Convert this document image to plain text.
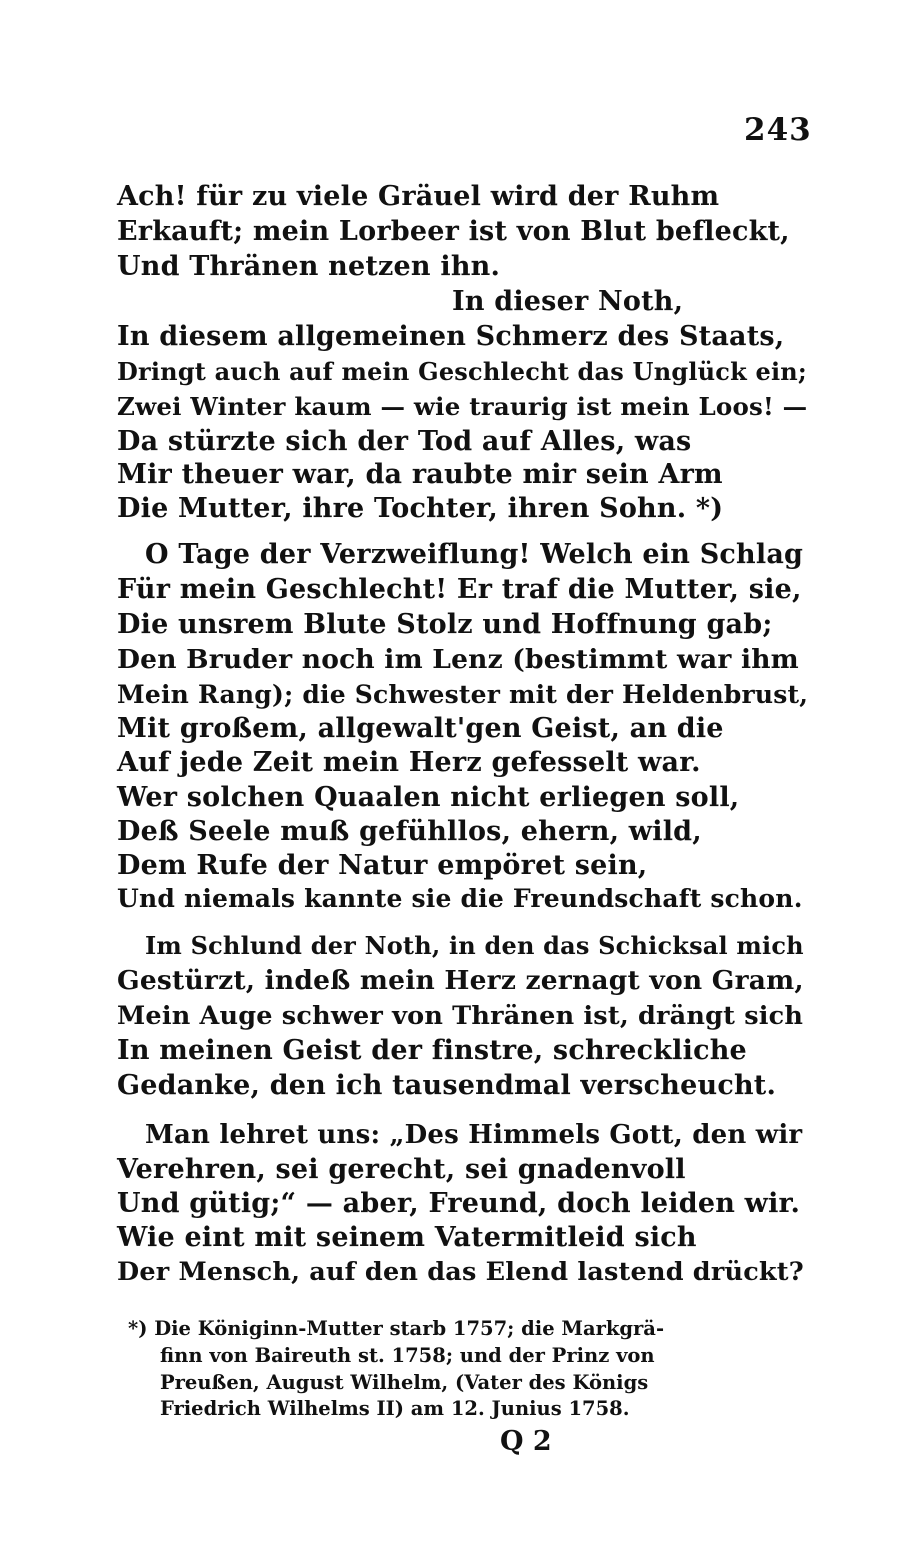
243
Ach! für zu viele Gräuel wird der Ruhm
Erkauft; mein Lorbeer ist von Blut befleckt,
Und Thränen netzen ihn.
In dieser Noth,
In diesem allgemeinen Schmerz des Staats,
Dringt auch auf mein Geschlecht das Unglück ein;
Zwei Winter kaum — wie traurig ist mein Loos! —
Da stürzte sich der Tod auf Alles, was
Mir theuer war, da raubte mir sein Arm
Die Mutter, ihre Tochter, ihren Sohn. *)
O Tage der Verzweiflung! Welch ein Schlag
Für mein Geschlecht! Er traf die Mutter, sie,
Die unsrem Blute Stolz und Hoffnung gab;
Den Bruder noch im Lenz (bestimmt war ihm
Mein Rang); die Schwester mit der Heldenbrust,
Mit großem, allgewalt'gen Geist, an die
Auf jede Zeit mein Herz gefesselt war.
Wer solchen Quaalen nicht erliegen soll,
Deß Seele muß gefühllos, ehern, wild,
Dem Rufe der Natur empöret sein,
Und niemals kannte sie die Freundschaft schon.
Im Schlund der Noth, in den das Schicksal mich
Gestürzt, indeß mein Herz zernagt von Gram,
Mein Auge schwer von Thränen ist, drängt sich
In meinen Geist der finstre, schreckliche
Gedanke, den ich tausendmal verscheucht.
Man lehret uns: „Des Himmels Gott, den wir
Verehren, sei gerecht, sei gnadenvoll
Und gütig;“ — aber, Freund, doch leiden wir.
Wie eint mit seinem Vatermitleid sich
Der Mensch, auf den das Elend lastend drückt?
*) Die Königinn-Mutter starb 1757; die Markgrä-
finn von Baireuth st. 1758; und der Prinz von
Preußen, August Wilhelm, (Vater des Königs
Friedrich Wilhelms II) am 12. Junius 1758.
Q 2
